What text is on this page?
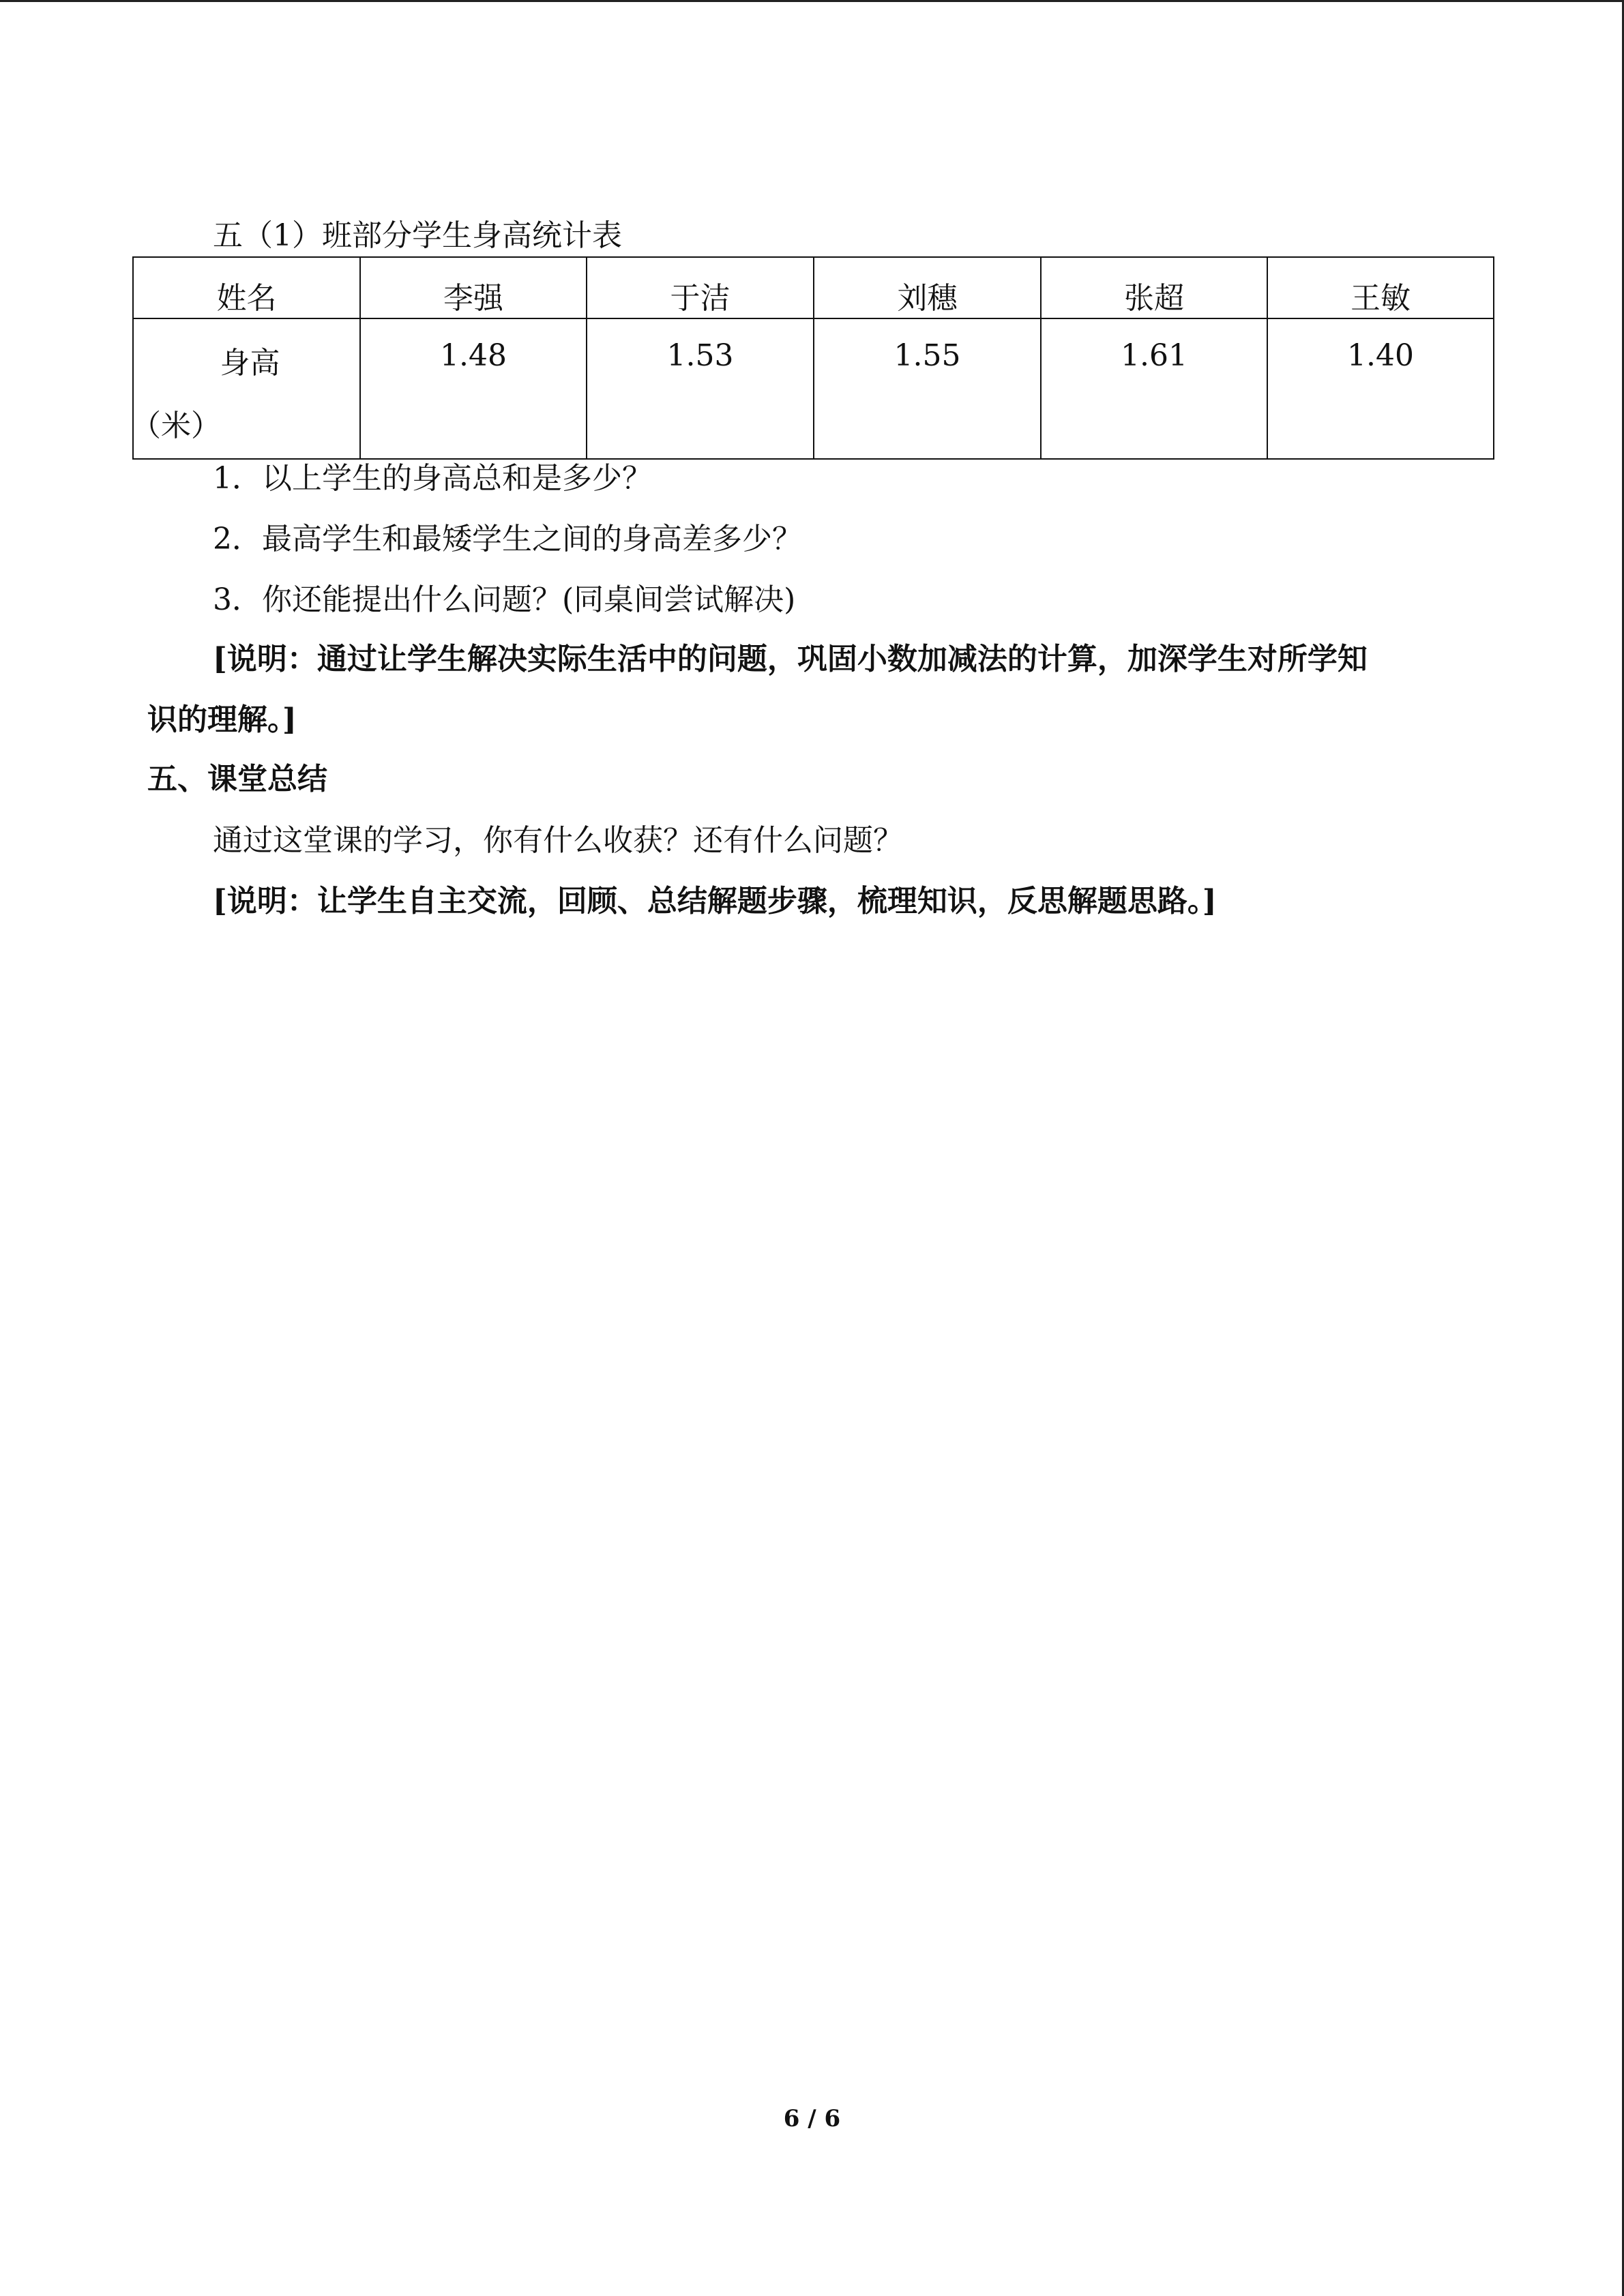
五（1）班部分学生身高统计表
姓名	李强	于洁	刘穗	张超	王敏

身高
（米）	1.48	1.53	1.55	1.61	1.40
1．以上学生的身高总和是多少？
2．最高学生和最矮学生之间的身高差多少？
3．你还能提出什么问题？(同桌间尝试解决)
[说明：通过让学生解决实际生活中的问题，巩固小数加减法的计算，加深学生对所学知
识的理解。]
五、课堂总结
通过这堂课的学习，你有什么收获？还有什么问题？
[说明：让学生自主交流，回顾、总结解题步骤，梳理知识，反思解题思路。]
6 / 6
